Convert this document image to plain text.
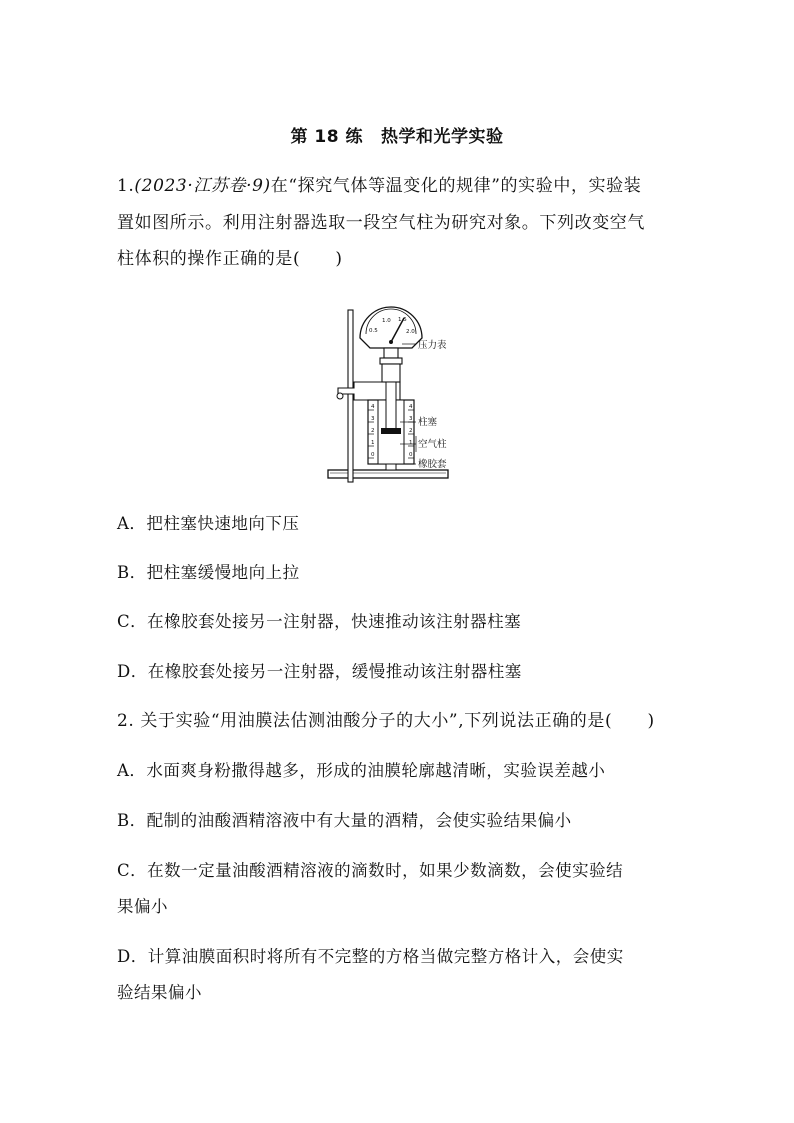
第 18 练 热学和光学实验
1.(2023·江苏卷·9)在“探究气体等温变化的规律”的实验中，实验装
置如图所示。利用注射器选取一段空气柱为研究对象。下列改变空气
柱体积的操作正确的是(　　)
1.0 1.5
0.5	2.0
4
3
2
1
0
4
3
2
1
0
压力表
柱塞
空气柱
橡胶套
A．把柱塞快速地向下压
B．把柱塞缓慢地向上拉
C．在橡胶套处接另一注射器，快速推动该注射器柱塞
D．在橡胶套处接另一注射器，缓慢推动该注射器柱塞
2. 关于实验“用油膜法估测油酸分子的大小”,下列说法正确的是(　　)
A．水面爽身粉撒得越多，形成的油膜轮廓越清晰，实验误差越小
B．配制的油酸酒精溶液中有大量的酒精，会使实验结果偏小
C．在数一定量油酸酒精溶液的滴数时，如果少数滴数，会使实验结
果偏小
D．计算油膜面积时将所有不完整的方格当做完整方格计入，会使实
验结果偏小
